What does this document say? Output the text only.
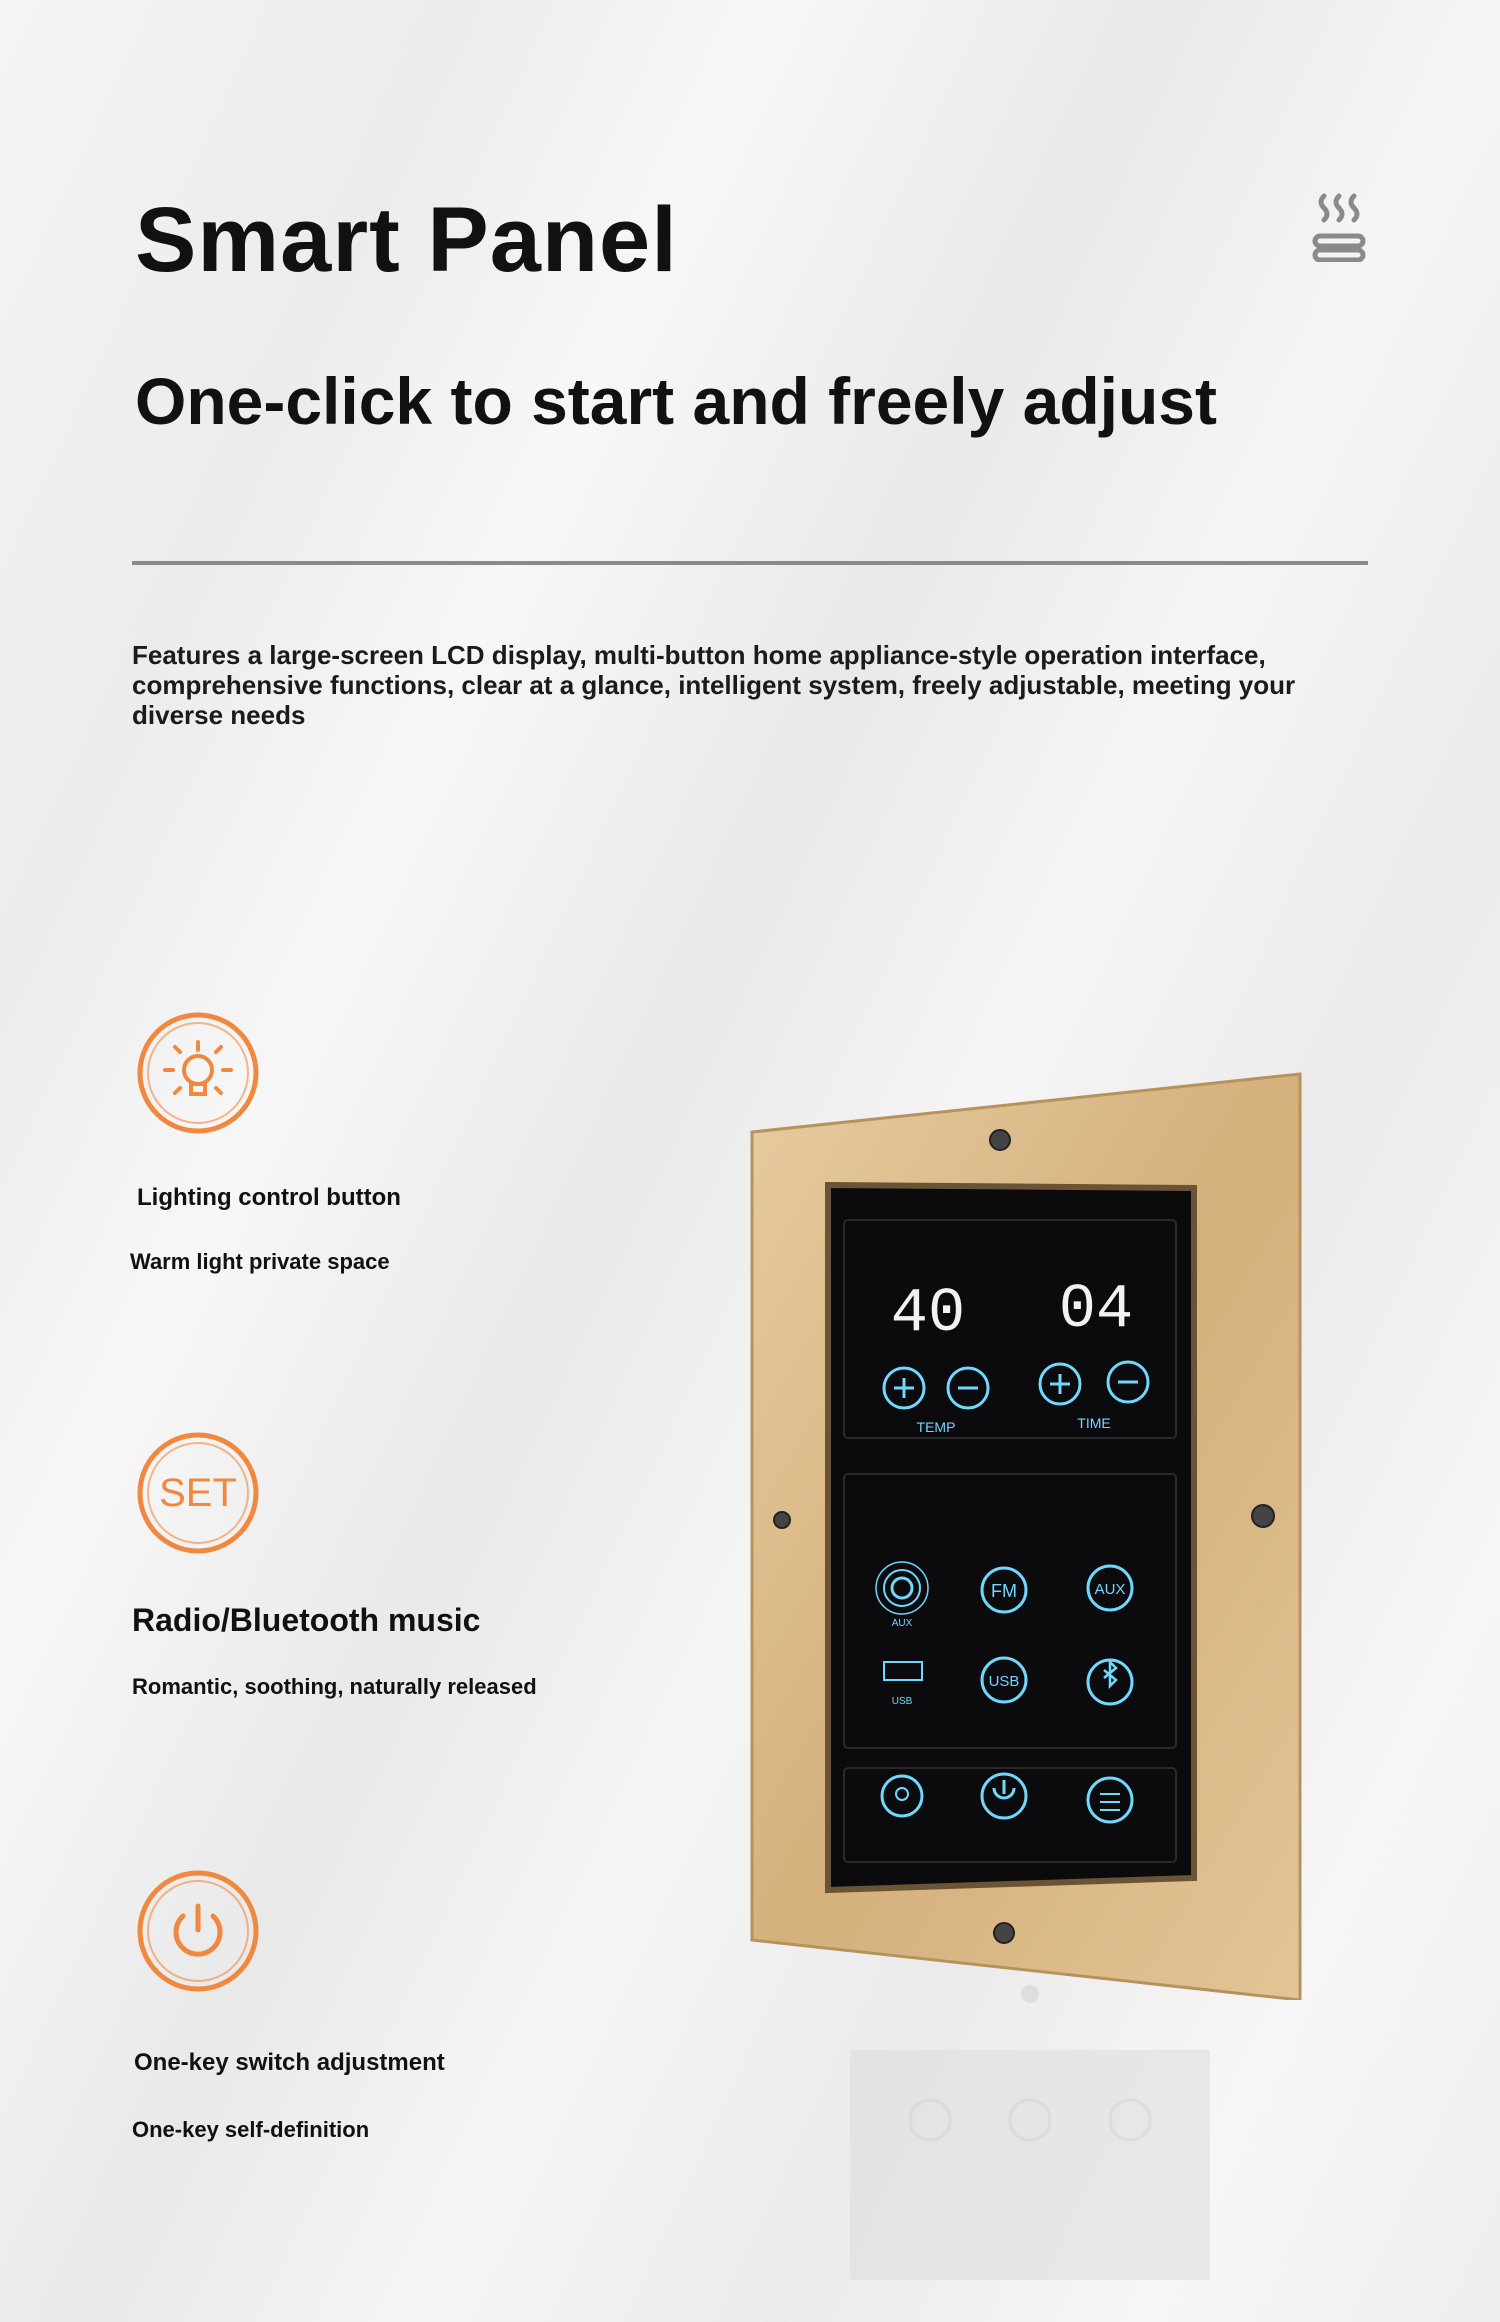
Smart Panel
One-click to start and freely adjust

Features a large-screen LCD display, multi-button home appliance-style operation interface, comprehensive functions, clear at a glance, intelligent system, freely adjustable, meeting your diverse needs

Lighting control button
Warm light private space
SET
Radio/Bluetooth music
Romantic, soothing, naturally released
One-key switch adjustment
One-key self-definition
40 04
TEMP	TIME
AUX
FM	AUX
USB
USB
